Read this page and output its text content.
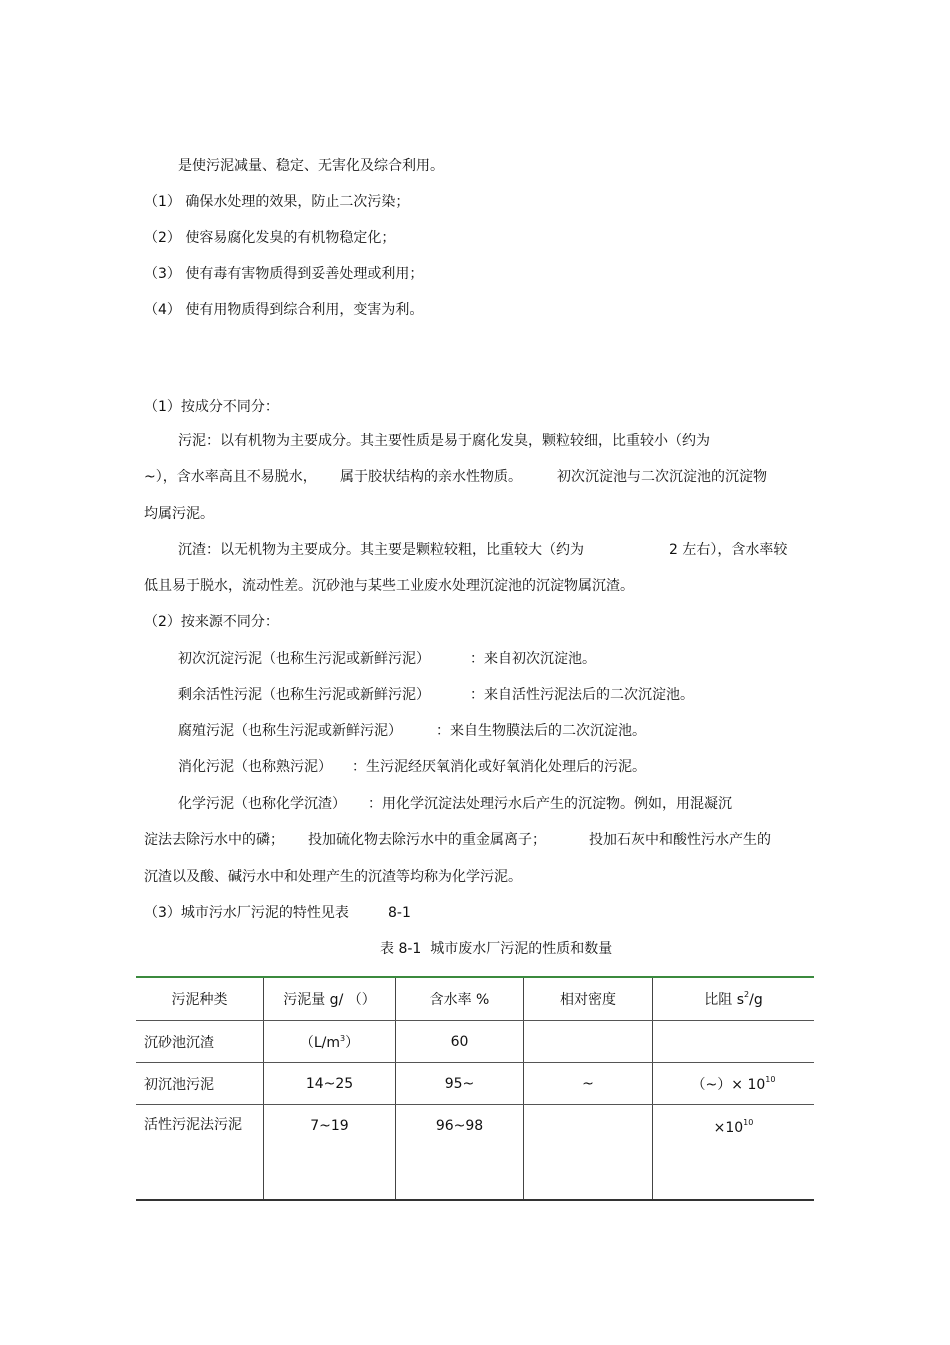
是使污泥减量、稳定、无害化及综合利用。
（1） 确保水处理的效果，防止二次污染；
（2） 使容易腐化发臭的有机物稳定化；
（3） 使有毒有害物质得到妥善处理或利用；
（4） 使有用物质得到综合利用，变害为利。
（1）按成分不同分：
污泥：以有机物为主要成分。其主要性质是易于腐化发臭，颗粒较细，比重较小（约为
~），含水率高且不易脱水， 属于胶状结构的亲水性物质。	初次沉淀池与二次沉淀池的沉淀物
均属污泥。
沉渣：以无机物为主要成分。其主要是颗粒较粗，比重较大（约为	2 左右），含水率较
低且易于脱水，流动性差。沉砂池与某些工业废水处理沉淀池的沉淀物属沉渣。
（2）按来源不同分：
初次沉淀污泥（也称生污泥或新鲜污泥）	：来自初次沉淀池。
剩余活性污泥（也称生污泥或新鲜污泥）	：来自活性污泥法后的二次沉淀池。
腐殖污泥（也称生污泥或新鲜污泥） ：来自生物膜法后的二次沉淀池。
消化污泥（也称熟污泥） ：生污泥经厌氧消化或好氧消化处理后的污泥。
化学污泥（也称化学沉渣） ：用化学沉淀法处理污水后产生的沉淀物。例如，用混凝沉
淀法去除污水中的磷； 投加硫化物去除污水中的重金属离子；	投加石灰中和酸性污水产生的
沉渣以及酸、碱污水中和处理产生的沉渣等均称为化学污泥。
（3）城市污水厂污泥的特性见表	8-1
表 8-1  城市废水厂污泥的性质和数量
污泥种类	污泥量 g/ （）	含水率 %	相对密度	比阻 $s^2/g$
沉砂池沉渣	$(L/m^3)$	60		
初沉池污泥	14~25	95~	~	（~）× $10^{10}$
活性污泥法污泥	7~19	96~98		$\times 10^{10}$
